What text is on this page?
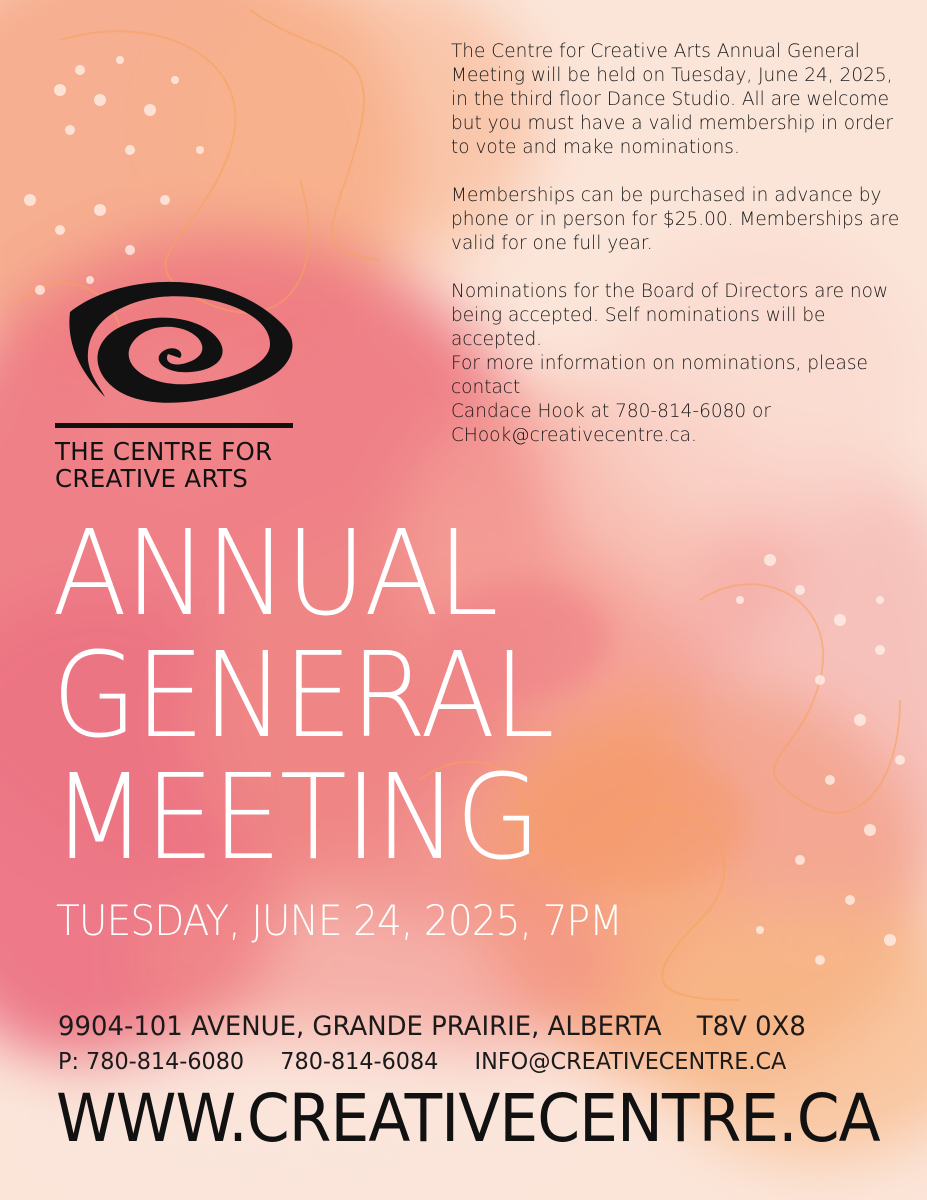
The Centre for Creative Arts Annual General Meeting will be held on Tuesday, June 24, 2025, in the third floor Dance Studio. All are welcome but you must have a valid membership in order to vote and make nominations.

Memberships can be purchased in advance by phone or in person for $25.00. Memberships are valid for one full year.

Nominations for the Board of Directors are now being accepted. Self nominations will be accepted.

For more information on nominations, please contact
Candace Hook at 780-814-6080 or
CHook@creativecentre.ca.
THE CENTRE FOR
CREATIVE ARTS
ANNUAL
GENERAL
MEETING
TUESDAY, JUNE 24, 2025, 7PM
9904-101 AVENUE, GRANDE PRAIRIE, ALBERTA T8V 0X8
P: 780-814-6080 780-814-6084 INFO@CREATIVECENTRE.CA
WWW.CREATIVECENTRE.CA
